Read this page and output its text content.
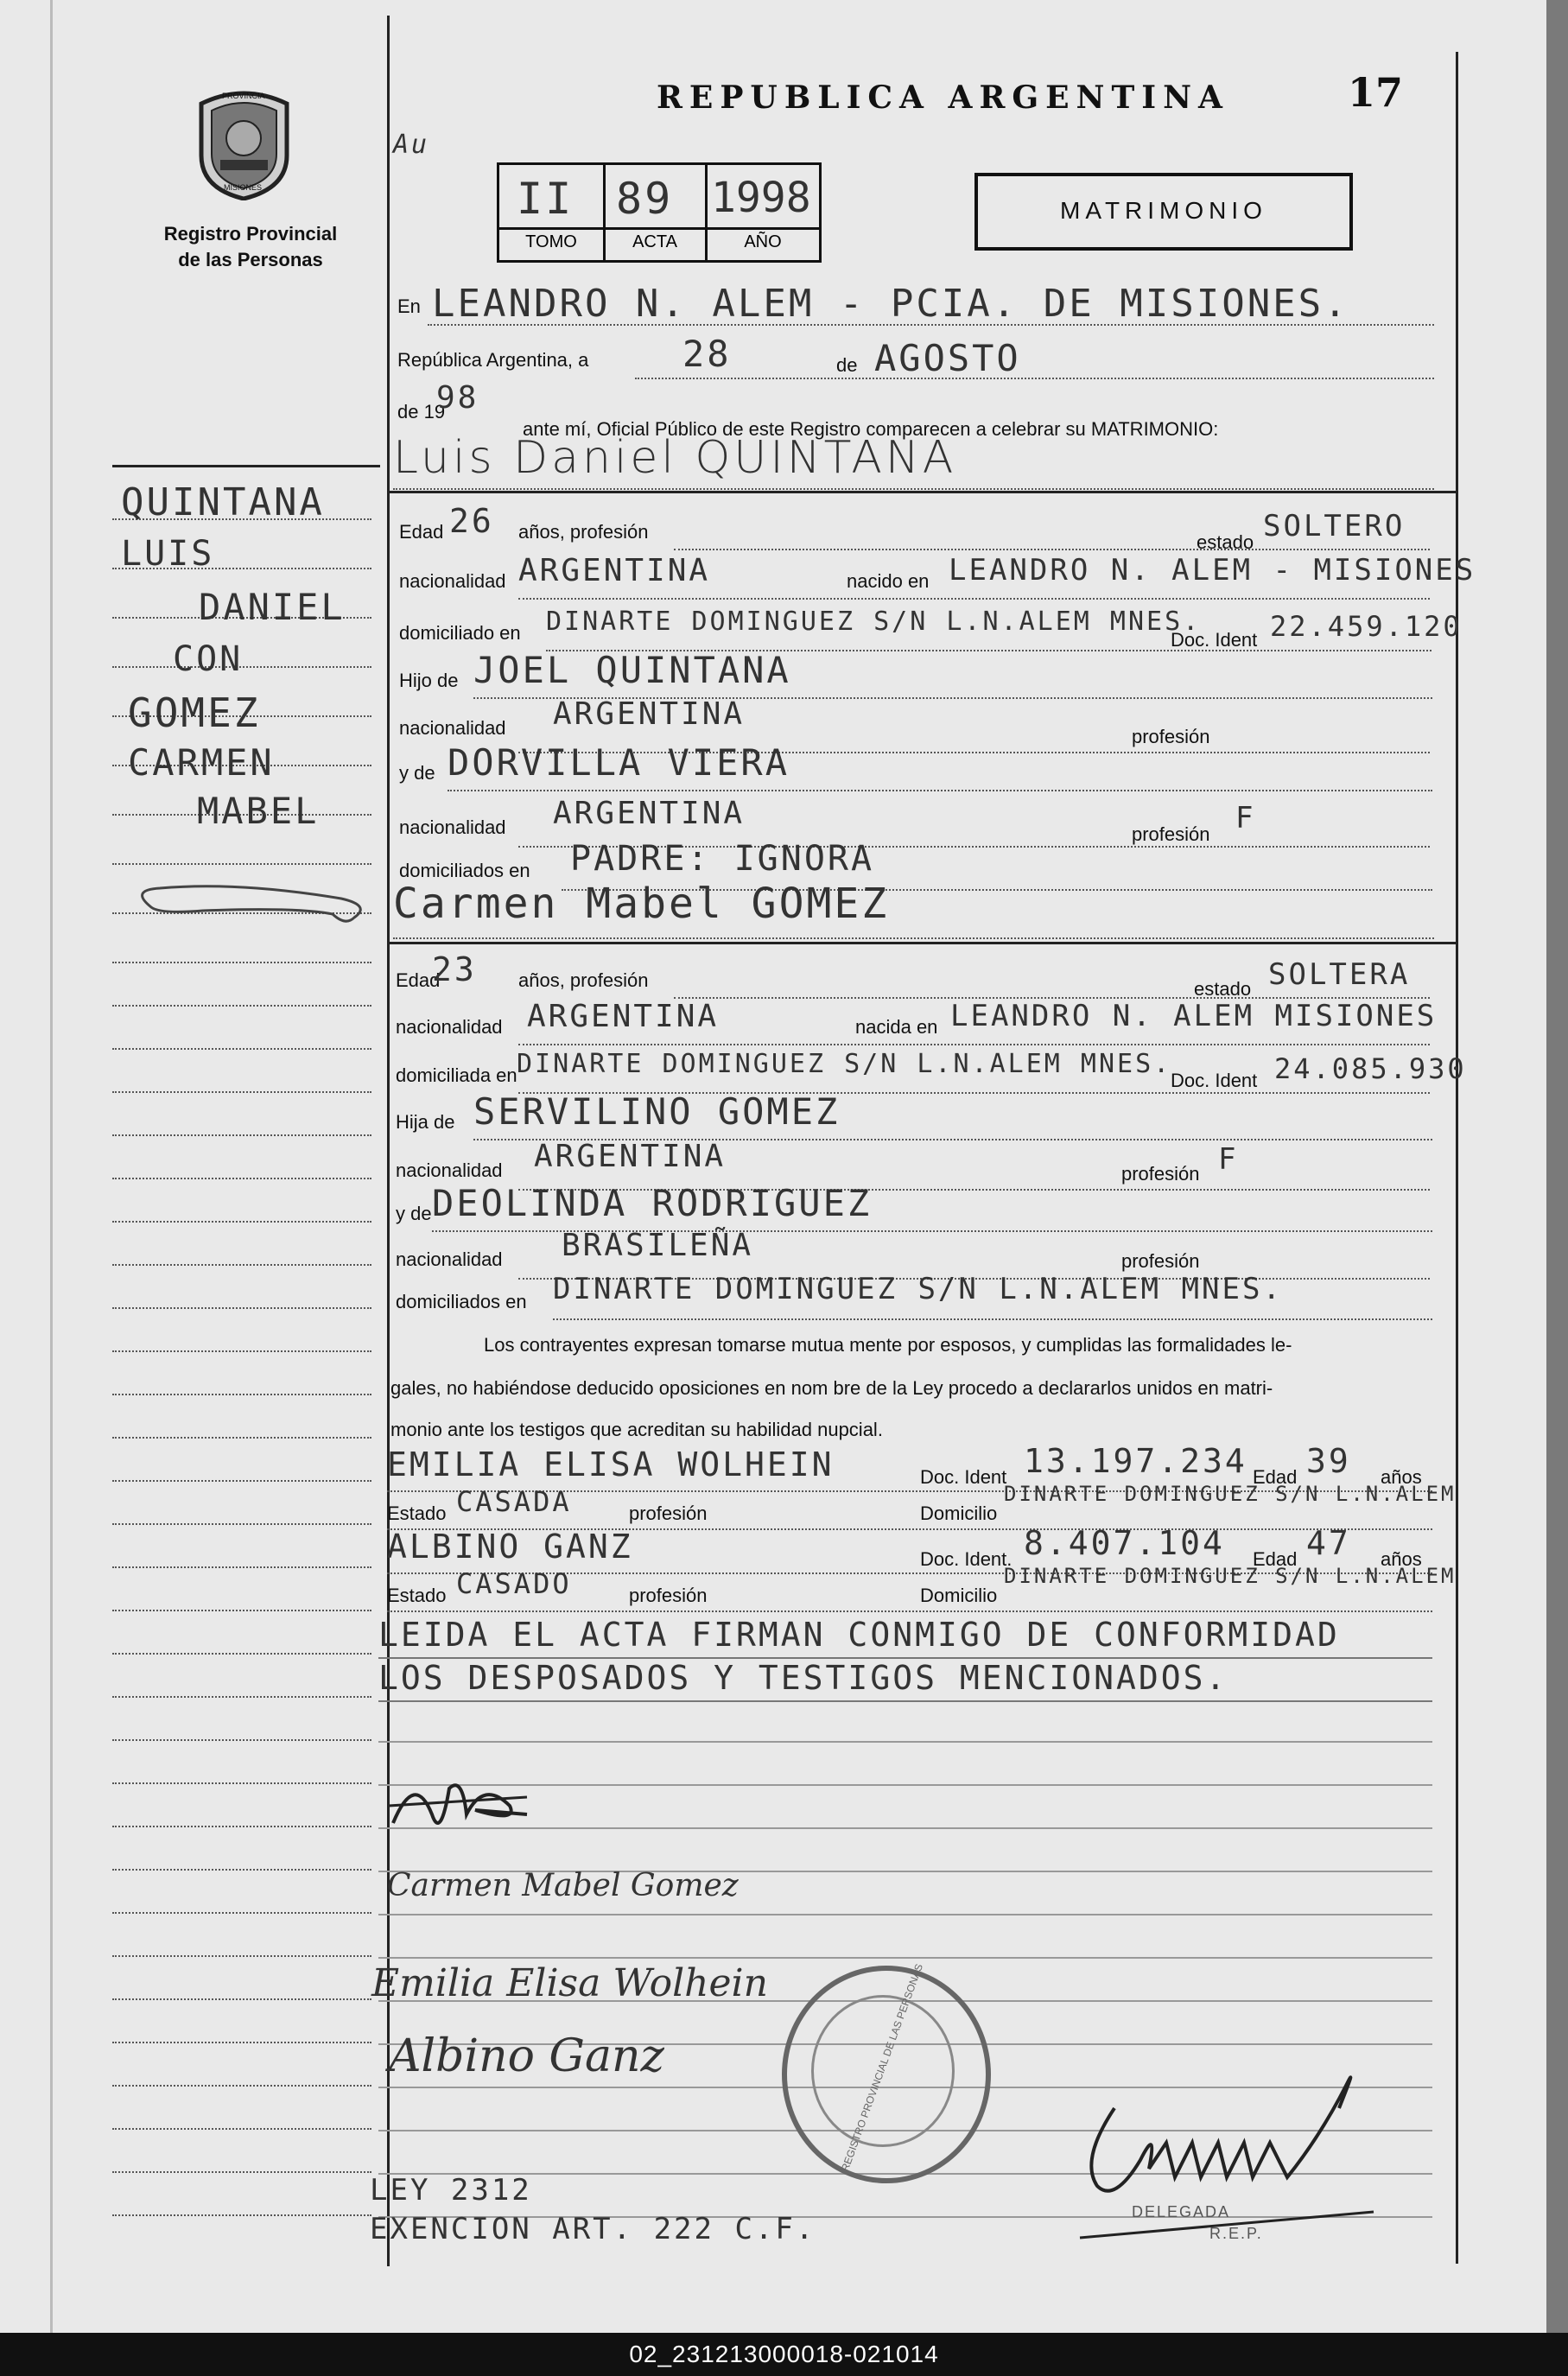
PROVINCIA
MISIONES
Registro Provincial
de las Personas
REPUBLICA ARGENTINA	17
Au
II 89 1998
TOMO	ACTA	AÑO
MATRIMONIO
En LEANDRO N. ALEM - PCIA. DE MISIONES.
República Argentina, a	28	de AGOSTO
de 19
98
ante mí, Oficial Público de este Registro comparecen a celebrar su MATRIMONIO:
Luis Daniel QUINTANA
QUINTANA
LUIS
DANIEL
CON
GOMEZ
CARMEN
MABEL
Edad 26 años, profesión	estado SOLTERO
nacionalidad ARGENTINA	nacido en LEANDRO N. ALEM - MISIONES
domiciliado en DINARTE DOMINGUEZ S/N L.N.ALEM MNES.
Doc. Ident 22.459.120
Hijo de JOEL QUINTANA
nacionalidad ARGENTINA
profesión
y de DORVILLA VIERA
nacionalidad ARGENTINA
profesión F
domiciliados en PADRE: IGNORA
Carmen Mabel GOMEZ
Edad
23 años, profesión	estado SOLTERA
nacionalidad ARGENTINA	nacida en LEANDRO N. ALEM MISIONES
domiciliada en DINARTE DOMINGUEZ S/N L.N.ALEM MNES.
Doc. Ident 24.085.930
Hija de SERVILINO GOMEZ
nacionalidad ARGENTINA	profesión F
y de DEOLINDA RODRIGUEZ
nacionalidad BRASILEÑA	profesión
domiciliados en DINARTE DOMINGUEZ S/N L.N.ALEM MNES.
EMILIA ELISA WOLHEIN	Doc. Ident 13.197.234 Edad 39 años
Estado CASADA	profesión	Domicilio
DINARTE DOMINGUEZ S/N L.N.ALEM
ALBINO GANZ	Doc. Ident. 8.407.104 Edad 47 años
Estado CASADO	profesión	Domicilio
DINARTE DOMINGUEZ S/N L.N.ALEM
Los contrayentes expresan tomarse mutua mente por esposos, y cumplidas las formalidades le-
gales, no habiéndose deducido oposiciones en nom bre de la Ley procedo a declararlos unidos en matri-
monio ante los testigos que acreditan su habilidad nupcial.
LEIDA EL ACTA FIRMAN CONMIGO DE CONFORMIDAD
LOS DESPOSADOS Y TESTIGOS MENCIONADOS.
Carmen Mabel Gomez
Emilia Elisa Wolhein
Albino Ganz	REGISTRO PROVINCIAL DE LAS PERSONAS
DELEGADA
R.E.P.
LEY 2312
EXENCION ART. 222 C.F.
02_231213000018-021014
